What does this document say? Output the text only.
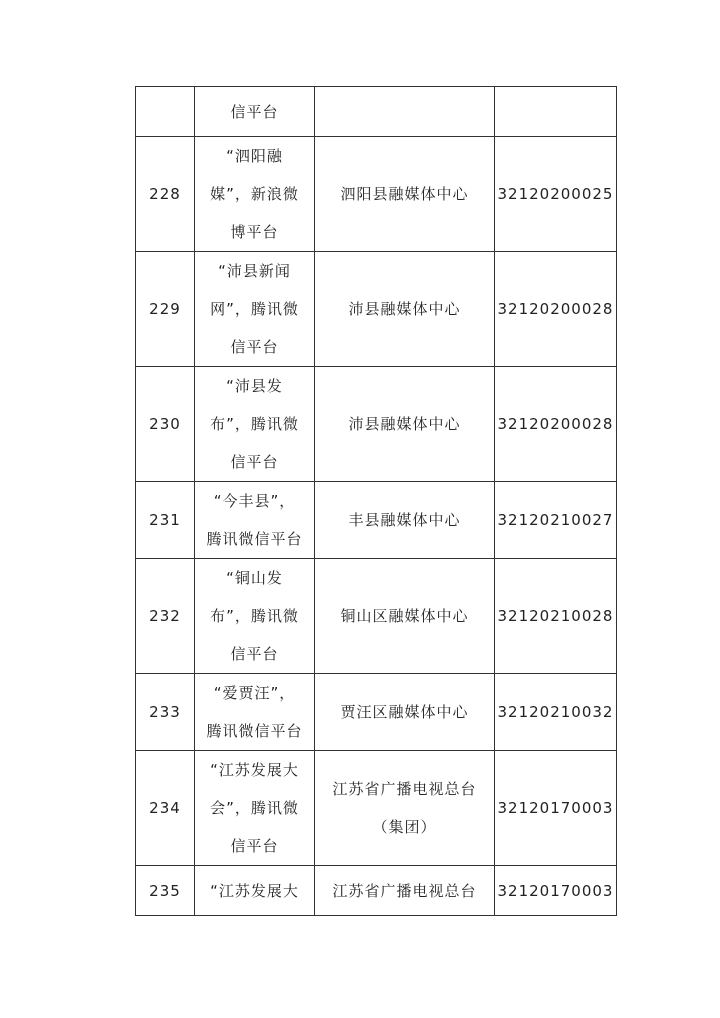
	信平台		

228	“泗阳融媒”，新浪微博平台	泗阳县融媒体中心	32120200025
229	“沛县新闻网”，腾讯微信平台	沛县融媒体中心	32120200028
230	“沛县发布”，腾讯微信平台	沛县融媒体中心	32120200028
231	“今丰县”，腾讯微信平台	丰县融媒体中心	32120210027
232	“铜山发布”，腾讯微信平台	铜山区融媒体中心	32120210028
233	“爱贾汪”，腾讯微信平台	贾汪区融媒体中心	32120210032
234	“江苏发展大会”，腾讯微信平台	江苏省广播电视总台（集团）	32120170003
235	“江苏发展大	江苏省广播电视总台	32120170003
